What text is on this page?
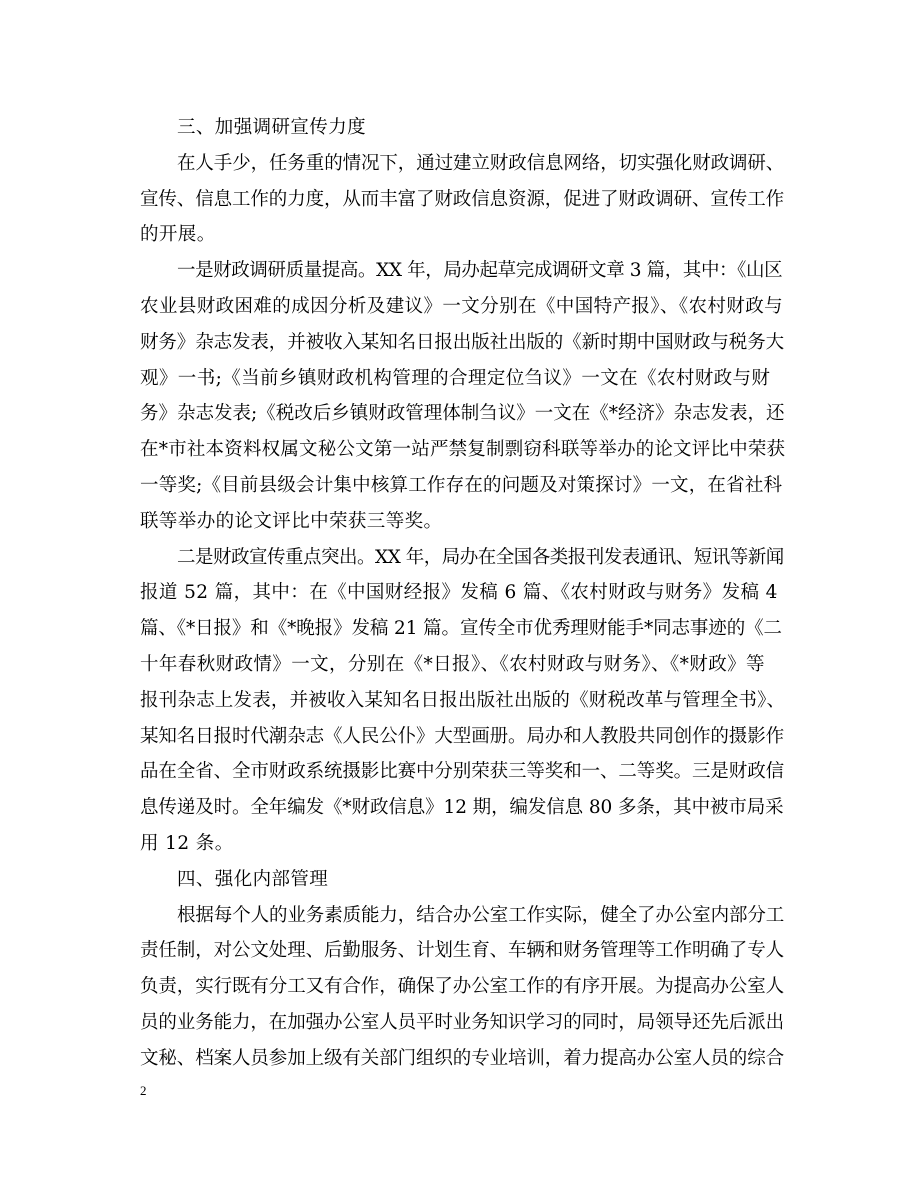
三、加强调研宣传力度

在人手少，任务重的情况下，通过建立财政信息网络，切实强化财政调研、
宣传、信息工作的力度，从而丰富了财政信息资源，促进了财政调研、宣传工作
的开展。

一是财政调研质量提高。XX 年，局办起草完成调研文章 3 篇，其中：《山区
农业县财政困难的成因分析及建议》一文分别在《中国特产报》、《农村财政与
财务》杂志发表，并被收入某知名日报出版社出版的《新时期中国财政与税务大
观》一书;《当前乡镇财政机构管理的合理定位刍议》一文在《农村财政与财
务》杂志发表;《税改后乡镇财政管理体制刍议》一文在《*经济》杂志发表，还
在*市社本资料权属文秘公文第一站严禁复制剽窃科联等举办的论文评比中荣获
一等奖;《目前县级会计集中核算工作存在的问题及对策探讨》一文，在省社科
联等举办的论文评比中荣获三等奖。

二是财政宣传重点突出。XX 年，局办在全国各类报刊发表通讯、短讯等新闻
报道 52 篇，其中：在《中国财经报》发稿 6 篇、《农村财政与财务》发稿 4
篇、《*日报》和《*晚报》发稿 21 篇。宣传全市优秀理财能手*同志事迹的《二
十年春秋财政情》一文，分别在《*日报》、《农村财政与财务》、《*财政》等
报刊杂志上发表，并被收入某知名日报出版社出版的《财税改革与管理全书》、
某知名日报时代潮杂志《人民公仆》大型画册。局办和人教股共同创作的摄影作
品在全省、全市财政系统摄影比赛中分别荣获三等奖和一、二等奖。三是财政信
息传递及时。全年编发《*财政信息》12 期，编发信息 80 多条，其中被市局采
用 12 条。

四、强化内部管理

根据每个人的业务素质能力，结合办公室工作实际，健全了办公室内部分工
责任制，对公文处理、后勤服务、计划生育、车辆和财务管理等工作明确了专人
负责，实行既有分工又有合作，确保了办公室工作的有序开展。为提高办公室人
员的业务能力，在加强办公室人员平时业务知识学习的同时，局领导还先后派出
文秘、档案人员参加上级有关部门组织的专业培训，着力提高办公室人员的综合

2
